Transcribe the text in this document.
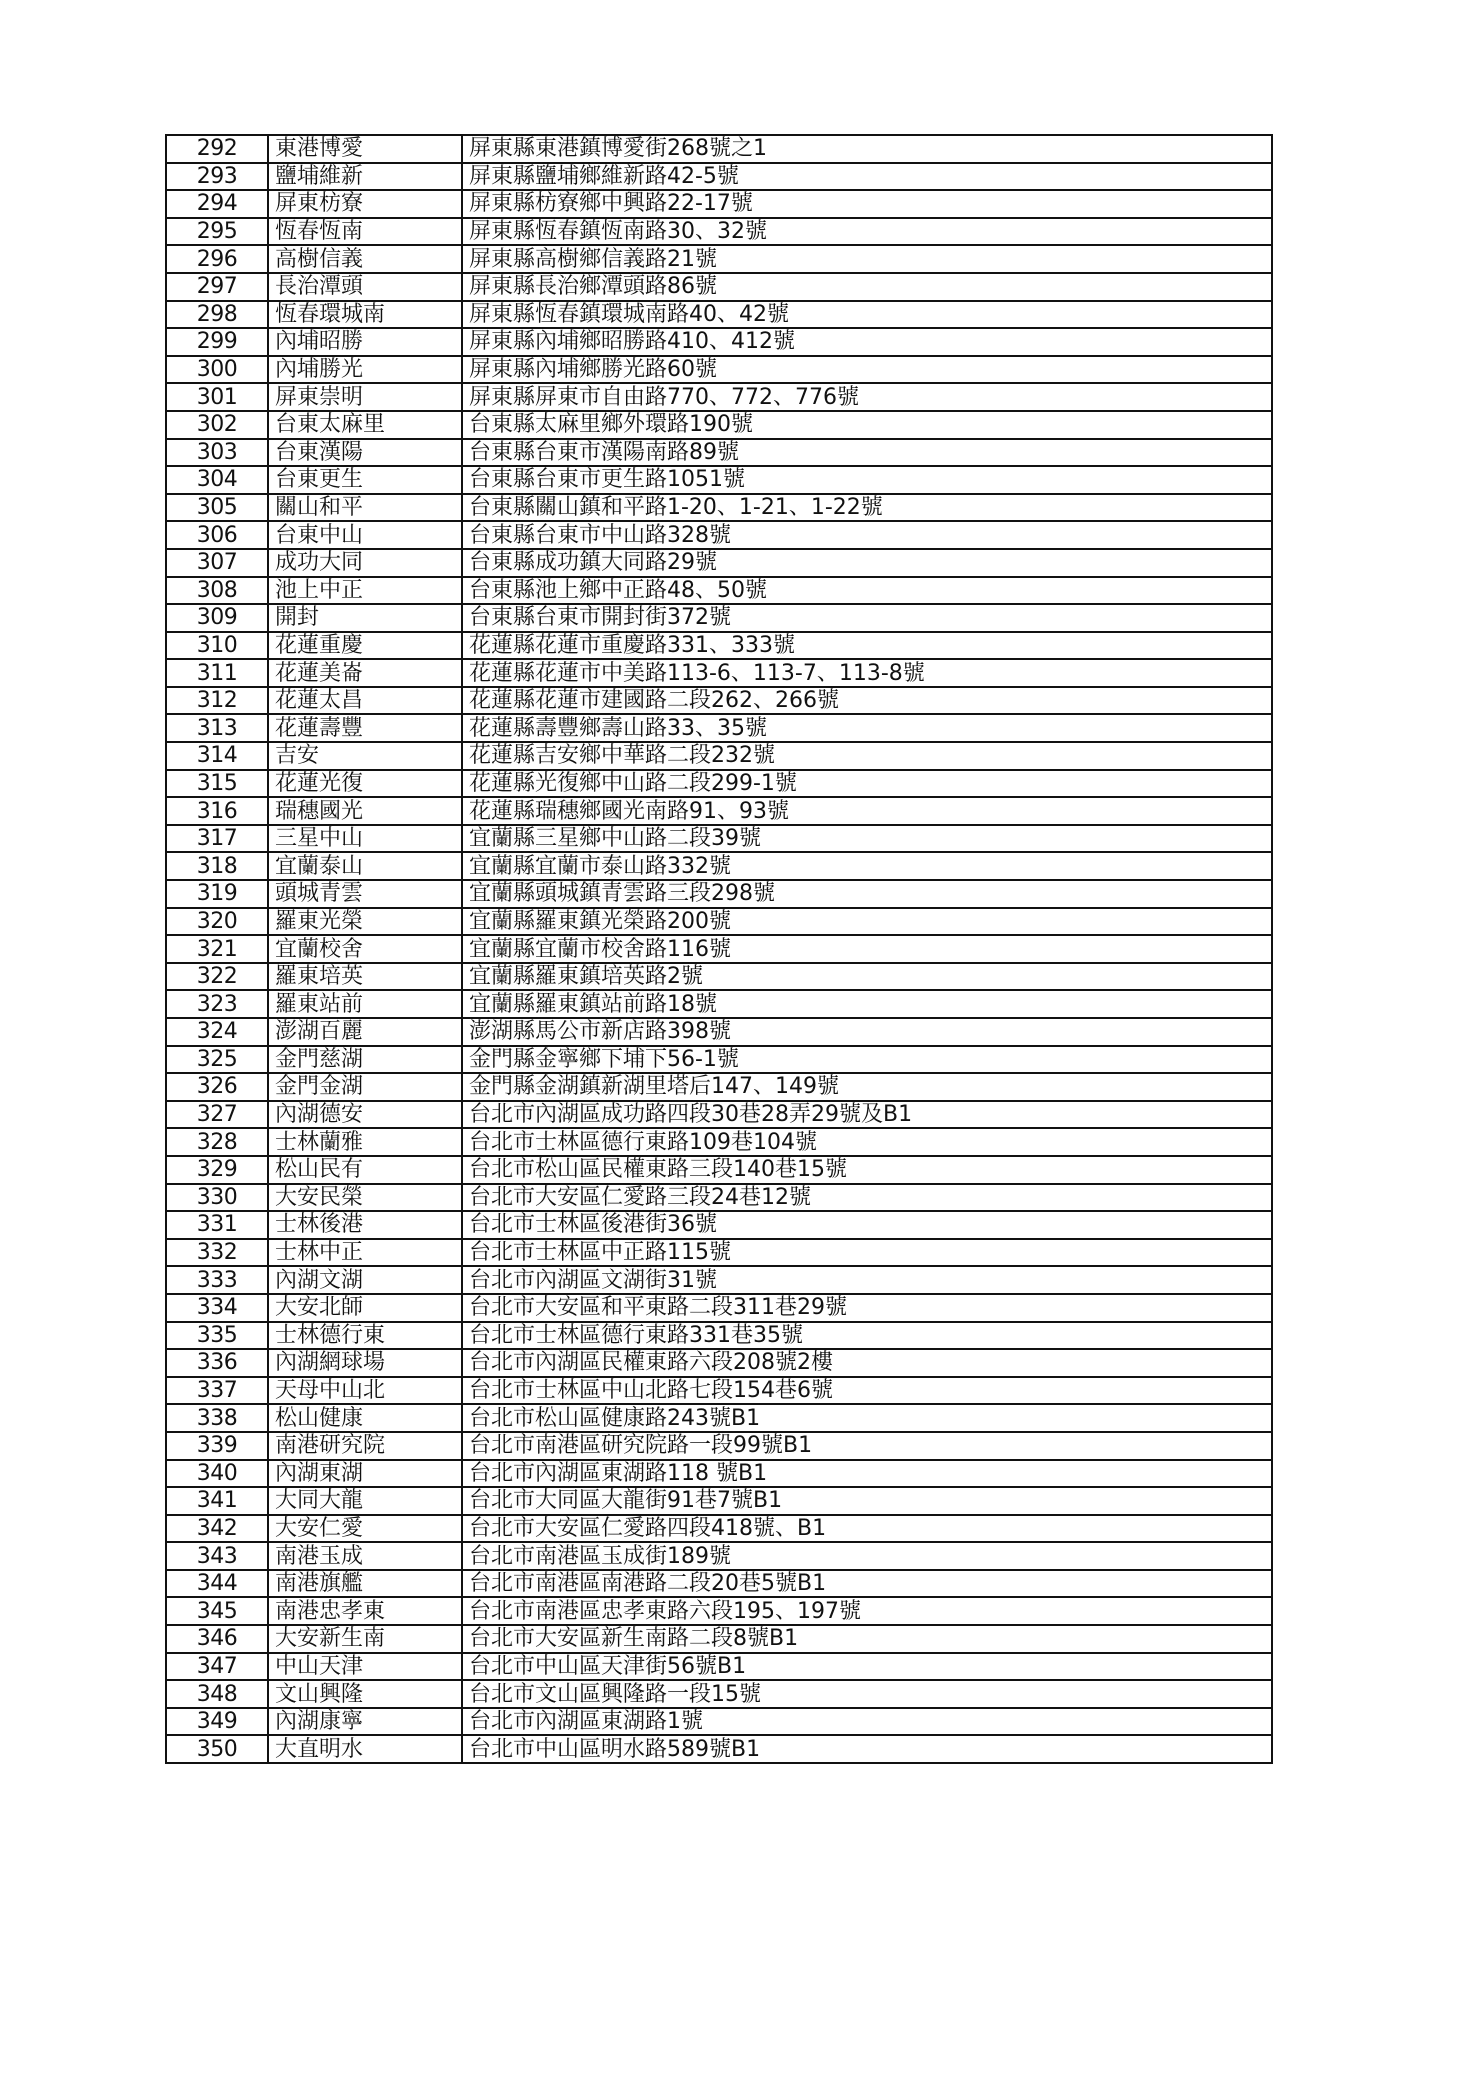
292	東港博愛	屏東縣東港鎮博愛街268號之1
293	鹽埔維新	屏東縣鹽埔鄉維新路42-5號
294	屏東枋寮	屏東縣枋寮鄉中興路22-17號
295	恆春恆南	屏東縣恆春鎮恆南路30、32號
296	高樹信義	屏東縣高樹鄉信義路21號
297	長治潭頭	屏東縣長治鄉潭頭路86號
298	恆春環城南	屏東縣恆春鎮環城南路40、42號
299	內埔昭勝	屏東縣內埔鄉昭勝路410、412號
300	內埔勝光	屏東縣內埔鄉勝光路60號
301	屏東崇明	屏東縣屏東市自由路770、772、776號
302	台東太麻里	台東縣太麻里鄉外環路190號
303	台東漢陽	台東縣台東市漢陽南路89號
304	台東更生	台東縣台東市更生路1051號
305	關山和平	台東縣關山鎮和平路1-20、1-21、1-22號
306	台東中山	台東縣台東市中山路328號
307	成功大同	台東縣成功鎮大同路29號
308	池上中正	台東縣池上鄉中正路48、50號
309	開封	台東縣台東市開封街372號
310	花蓮重慶	花蓮縣花蓮市重慶路331、333號
311	花蓮美崙	花蓮縣花蓮市中美路113-6、113-7、113-8號
312	花蓮太昌	花蓮縣花蓮市建國路二段262、266號
313	花蓮壽豐	花蓮縣壽豐鄉壽山路33、35號
314	吉安	花蓮縣吉安鄉中華路二段232號
315	花蓮光復	花蓮縣光復鄉中山路二段299-1號
316	瑞穗國光	花蓮縣瑞穗鄉國光南路91、93號
317	三星中山	宜蘭縣三星鄉中山路二段39號
318	宜蘭泰山	宜蘭縣宜蘭市泰山路332號
319	頭城青雲	宜蘭縣頭城鎮青雲路三段298號
320	羅東光榮	宜蘭縣羅東鎮光榮路200號
321	宜蘭校舍	宜蘭縣宜蘭市校舍路116號
322	羅東培英	宜蘭縣羅東鎮培英路2號
323	羅東站前	宜蘭縣羅東鎮站前路18號
324	澎湖百麗	澎湖縣馬公市新店路398號
325	金門慈湖	金門縣金寧鄉下埔下56-1號
326	金門金湖	金門縣金湖鎮新湖里塔后147、149號
327	內湖德安	台北市內湖區成功路四段30巷28弄29號及B1
328	士林蘭雅	台北市士林區德行東路109巷104號
329	松山民有	台北市松山區民權東路三段140巷15號
330	大安民榮	台北市大安區仁愛路三段24巷12號
331	士林後港	台北市士林區後港街36號
332	士林中正	台北市士林區中正路115號
333	內湖文湖	台北市內湖區文湖街31號
334	大安北師	台北市大安區和平東路二段311巷29號
335	士林德行東	台北市士林區德行東路331巷35號
336	內湖網球場	台北市內湖區民權東路六段208號2樓
337	天母中山北	台北市士林區中山北路七段154巷6號
338	松山健康	台北市松山區健康路243號B1
339	南港研究院	台北市南港區研究院路一段99號B1
340	內湖東湖	台北市內湖區東湖路118 號B1
341	大同大龍	台北市大同區大龍街91巷7號B1
342	大安仁愛	台北市大安區仁愛路四段418號、B1
343	南港玉成	台北市南港區玉成街189號
344	南港旗艦	台北市南港區南港路二段20巷5號B1
345	南港忠孝東	台北市南港區忠孝東路六段195、197號
346	大安新生南	台北市大安區新生南路二段8號B1
347	中山天津	台北市中山區天津街56號B1
348	文山興隆	台北市文山區興隆路一段15號
349	內湖康寧	台北市內湖區東湖路1號
350	大直明水	台北市中山區明水路589號B1
